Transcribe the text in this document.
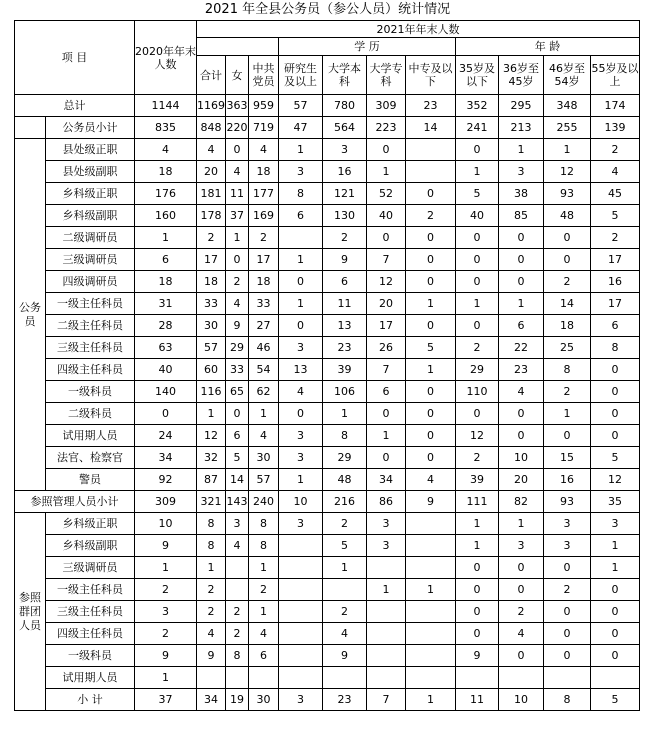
2021 年全县公务员（参公人员）统计情况
项 目		2020年年末人数	2021年年末人数										
						学 历				年 龄			
			合计	女	中共党员	研究生及以上	大学本科	大学专科	中专及以下	35岁及以下	36岁至45岁	46岁至54岁	55岁及以上
总计		1144	1169	363	959	57	780	309	23	352	295	348	174
	公务员小计	835	848	220	719	47	564	223	14	241	213	255	139
公务员	县处级正职	4	4	0	4	1	3	0		0	1	1	2
	县处级副职	18	20	4	18	3	16	1		1	3	12	4
	乡科级正职	176	181	11	177	8	121	52	0	5	38	93	45
	乡科级副职	160	178	37	169	6	130	40	2	40	85	48	5
	二级调研员	1	2	1	2		2	0	0	0	0	0	2
	三级调研员	6	17	0	17	1	9	7	0	0	0	0	17
	四级调研员	18	18	2	18	0	6	12	0	0	0	2	16
	一级主任科员	31	33	4	33	1	11	20	1	1	1	14	17
	二级主任科员	28	30	9	27	0	13	17	0	0	6	18	6
	三级主任科员	63	57	29	46	3	23	26	5	2	22	25	8
	四级主任科员	40	60	33	54	13	39	7	1	29	23	8	0
	一级科员	140	116	65	62	4	106	6	0	110	4	2	0
	二级科员	0	1	0	1	0	1	0	0	0	0	1	0
	试用期人员	24	12	6	4	3	8	1	0	12	0	0	0
	法官、检察官	34	32	5	30	3	29	0	0	2	10	15	5
	警员	92	87	14	57	1	48	34	4	39	20	16	12
参照管理人员小计		309	321	143	240	10	216	86	9	111	82	93	35
参照群团人员	乡科级正职	10	8	3	8	3	2	3		1	1	3	3
	乡科级副职	9	8	4	8		5	3		1	3	3	1
	三级调研员	1	1		1		1			0	0	0	1
	一级主任科员	2	2		2			1	1	0	0	2	0
	三级主任科员	3	2	2	1		2			0	2	0	0
	四级主任科员	2	4	2	4		4			0	4	0	0
	一级科员	9	9	8	6		9			9	0	0	0
	试用期人员	1											
	小 计	37	34	19	30	3	23	7	1	11	10	8	5
